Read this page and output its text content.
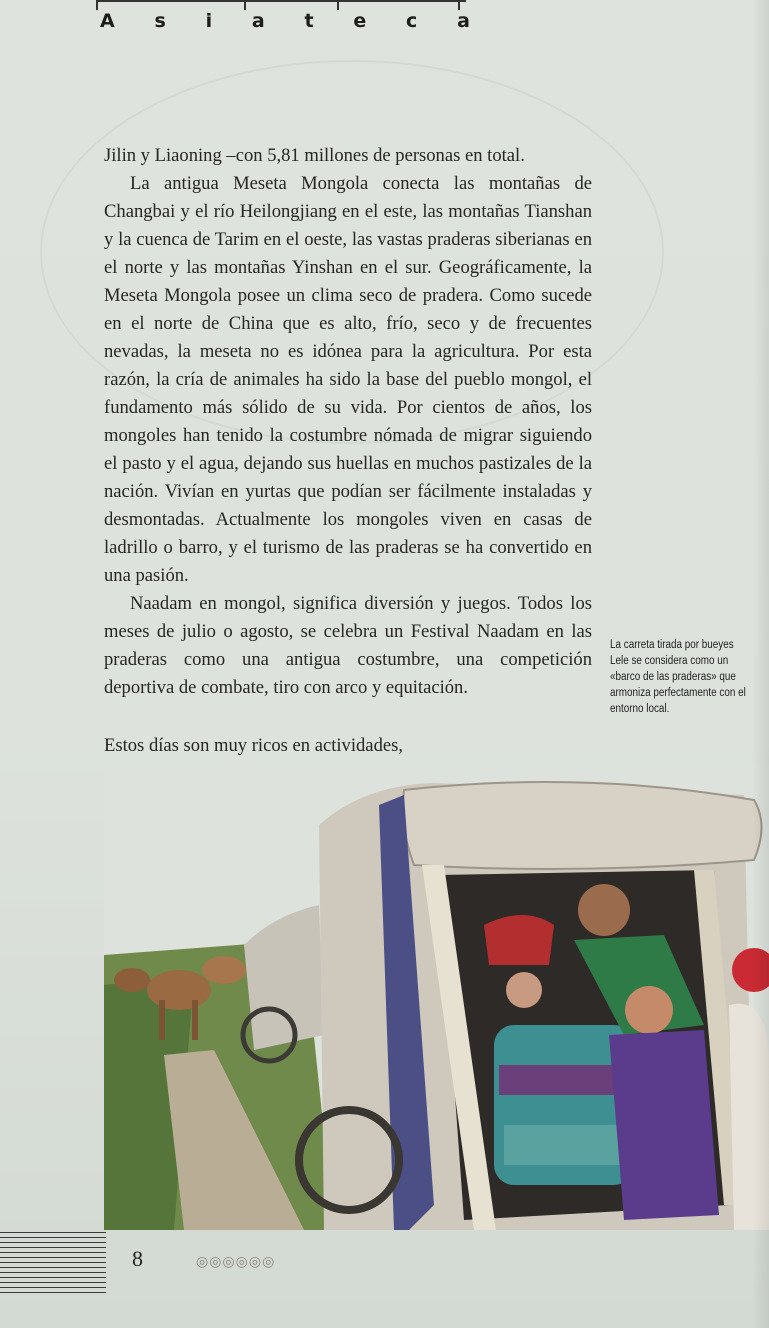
A s i a t e c a

Jilin y Liaoning –con 5,81 millones de personas en total.

La antigua Meseta Mongola conecta las montañas de Changbai y el río Heilongjiang en el este, las montañas Tianshan y la cuenca de Tarim en el oeste, las vastas praderas siberianas en el norte y las montañas Yinshan en el sur. Geográficamente, la Meseta Mongola posee un clima seco de pradera. Como sucede en el norte de China que es alto, frío, seco y de frecuentes nevadas, la meseta no es idónea para la agricultura. Por esta razón, la cría de animales ha sido la base del pueblo mongol, el fundamento más sólido de su vida. Por cientos de años, los mongoles han tenido la costumbre nómada de migrar siguiendo el pasto y el agua, dejando sus huellas en muchos pastizales de la nación. Vivían en yurtas que podían ser fácilmente instaladas y desmontadas. Actualmente los mongoles viven en casas de ladrillo o barro, y el turismo de las praderas se ha convertido en una pasión.

Naadam en mongol, significa diversión y juegos. Todos los meses de julio o agosto, se celebra un Festival Naadam en las praderas como una antigua costumbre, una competición deportiva de combate, tiro con arco y equitación.

Estos días son muy ricos en actividades,

La carreta tirada por bueyes
Lele se considera como un
«barco de las praderas» que
armoniza perfectamente con el
entorno local.
8	◎◎◎◎◎◎
